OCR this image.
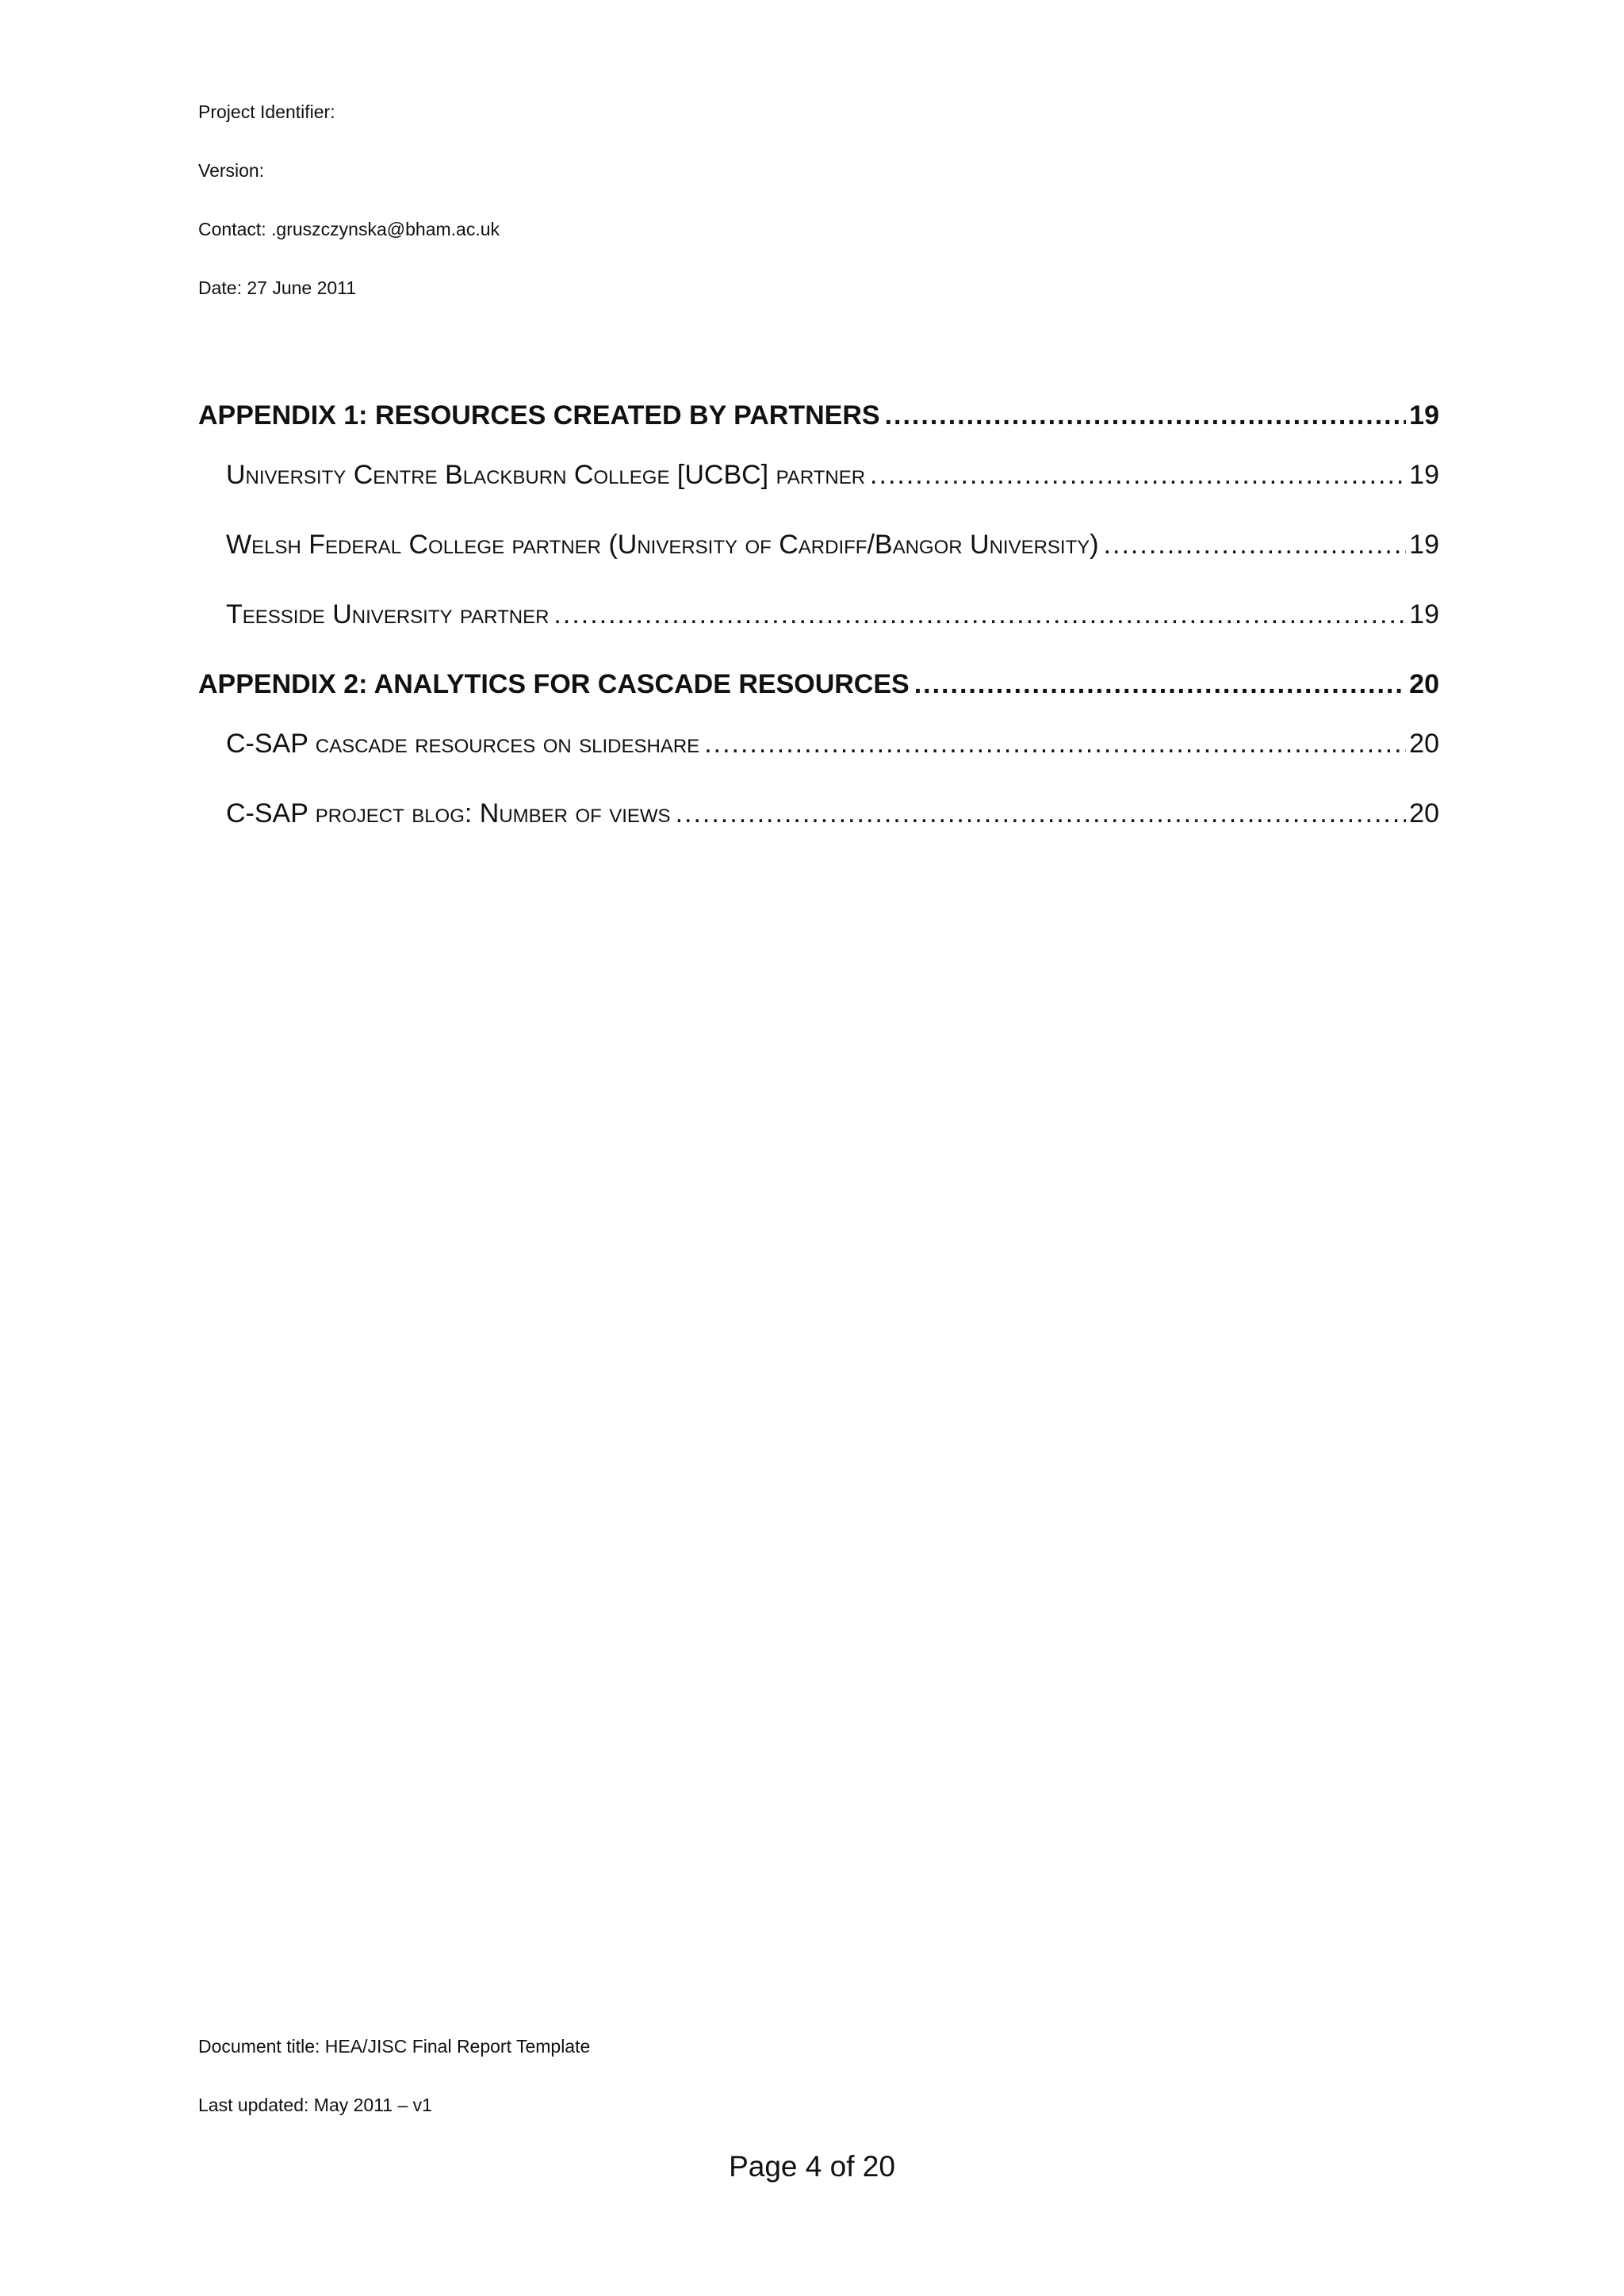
Project Identifier:
Version:
Contact: .gruszczynska@bham.ac.uk
Date: 27 June 2011
APPENDIX 1: RESOURCES CREATED BY PARTNERS .....	19
University Centre Blackburn College [UCBC] partner .....	19
Welsh Federal College partner (University of Cardiff/Bangor University) .....	19
Teesside University partner .....	19
APPENDIX 2: ANALYTICS FOR CASCADE RESOURCES .....	20
C-SAP cascade resources on slideshare .....	20
C-SAP project blog: Number of views .....	20
Document title: HEA/JISC Final Report Template
Last updated: May 2011 – v1
Page 4 of 20
